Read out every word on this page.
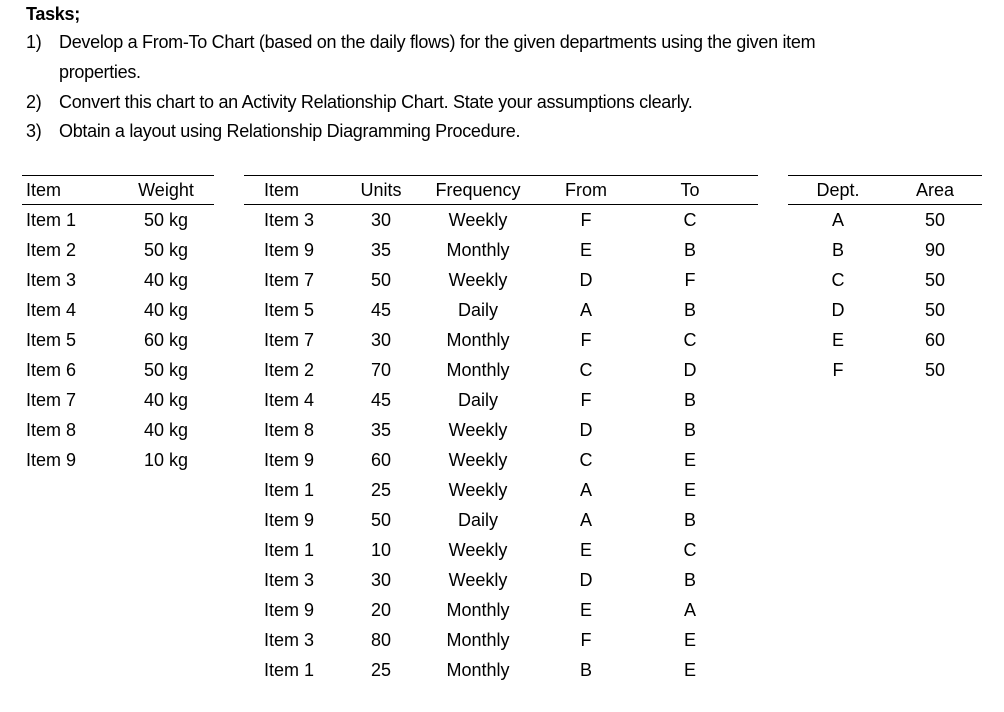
Tasks;
1) Develop a From-To Chart (based on the daily flows) for the given departments using the given item
properties.
2) Convert this chart to an Activity Relationship Chart. State your assumptions clearly.
3) Obtain a layout using Relationship Diagramming Procedure.
Item	Weight
Item 1	50 kg
Item 2	50 kg
Item 3	40 kg
Item 4	40 kg
Item 5	60 kg
Item 6	50 kg
Item 7	40 kg
Item 8	40 kg
Item 9	10 kg
Item	Units	Frequency	From	To
Item 3	30	Weekly	F	C
Item 9	35	Monthly	E	B
Item 7	50	Weekly	D	F
Item 5	45	Daily	A	B
Item 7	30	Monthly	F	C
Item 2	70	Monthly	C	D
Item 4	45	Daily	F	B
Item 8	35	Weekly	D	B
Item 9	60	Weekly	C	E
Item 1	25	Weekly	A	E
Item 9	50	Daily	A	B
Item 1	10	Weekly	E	C
Item 3	30	Weekly	D	B
Item 9	20	Monthly	E	A
Item 3	80	Monthly	F	E
Item 1	25	Monthly	B	E
Dept.	Area
A	50
B	90
C	50
D	50
E	60
F	50
